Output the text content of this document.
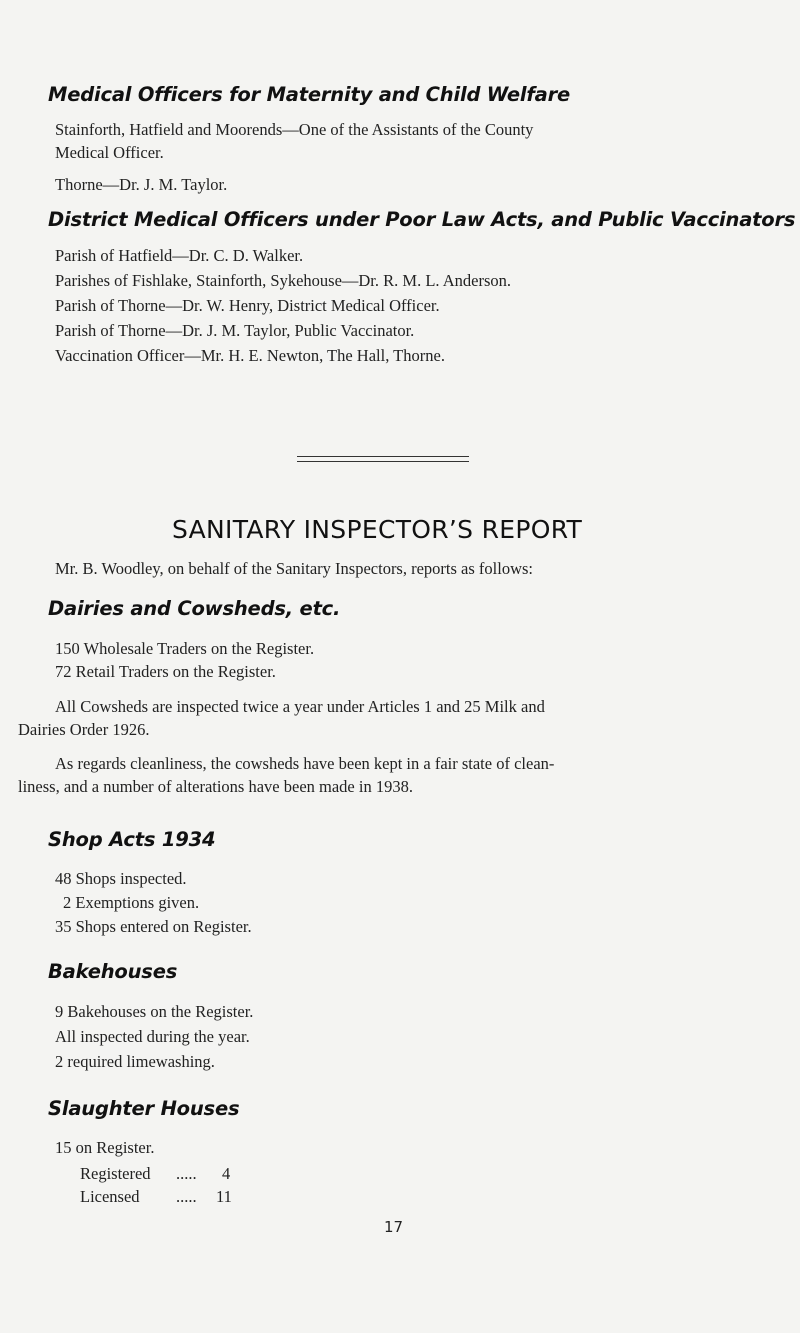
Medical Officers for Maternity and Child Welfare
Stainforth, Hatfield and Moorends—One of the Assistants of the County
Medical Officer.
Thorne—Dr. J. M. Taylor.
District Medical Officers under Poor Law Acts, and Public Vaccinators
Parish of Hatfield—Dr. C. D. Walker.
Parishes of Fishlake, Stainforth, Sykehouse—Dr. R. M. L. Anderson.
Parish of Thorne—Dr. W. Henry, District Medical Officer.
Parish of Thorne—Dr. J. M. Taylor, Public Vaccinator.
Vaccination Officer—Mr. H. E. Newton, The Hall, Thorne.
SANITARY INSPECTOR’S REPORT
Mr. B. Woodley, on behalf of the Sanitary Inspectors, reports as follows:
Dairies and Cowsheds, etc.
150 Wholesale Traders on the Register.
72 Retail Traders on the Register.
All Cowsheds are inspected twice a year under Articles 1 and 25 Milk and
Dairies Order 1926.
As regards cleanliness, the cowsheds have been kept in a fair state of clean-
liness, and a number of alterations have been made in 1938.
Shop Acts 1934
48 Shops inspected.
2 Exemptions given.
35 Shops entered on Register.
Bakehouses
9 Bakehouses on the Register.
All inspected during the year.
2 required limewashing.
Slaughter Houses
15 on Register.
Registered ..... 4
Licensed ..... 11
17
